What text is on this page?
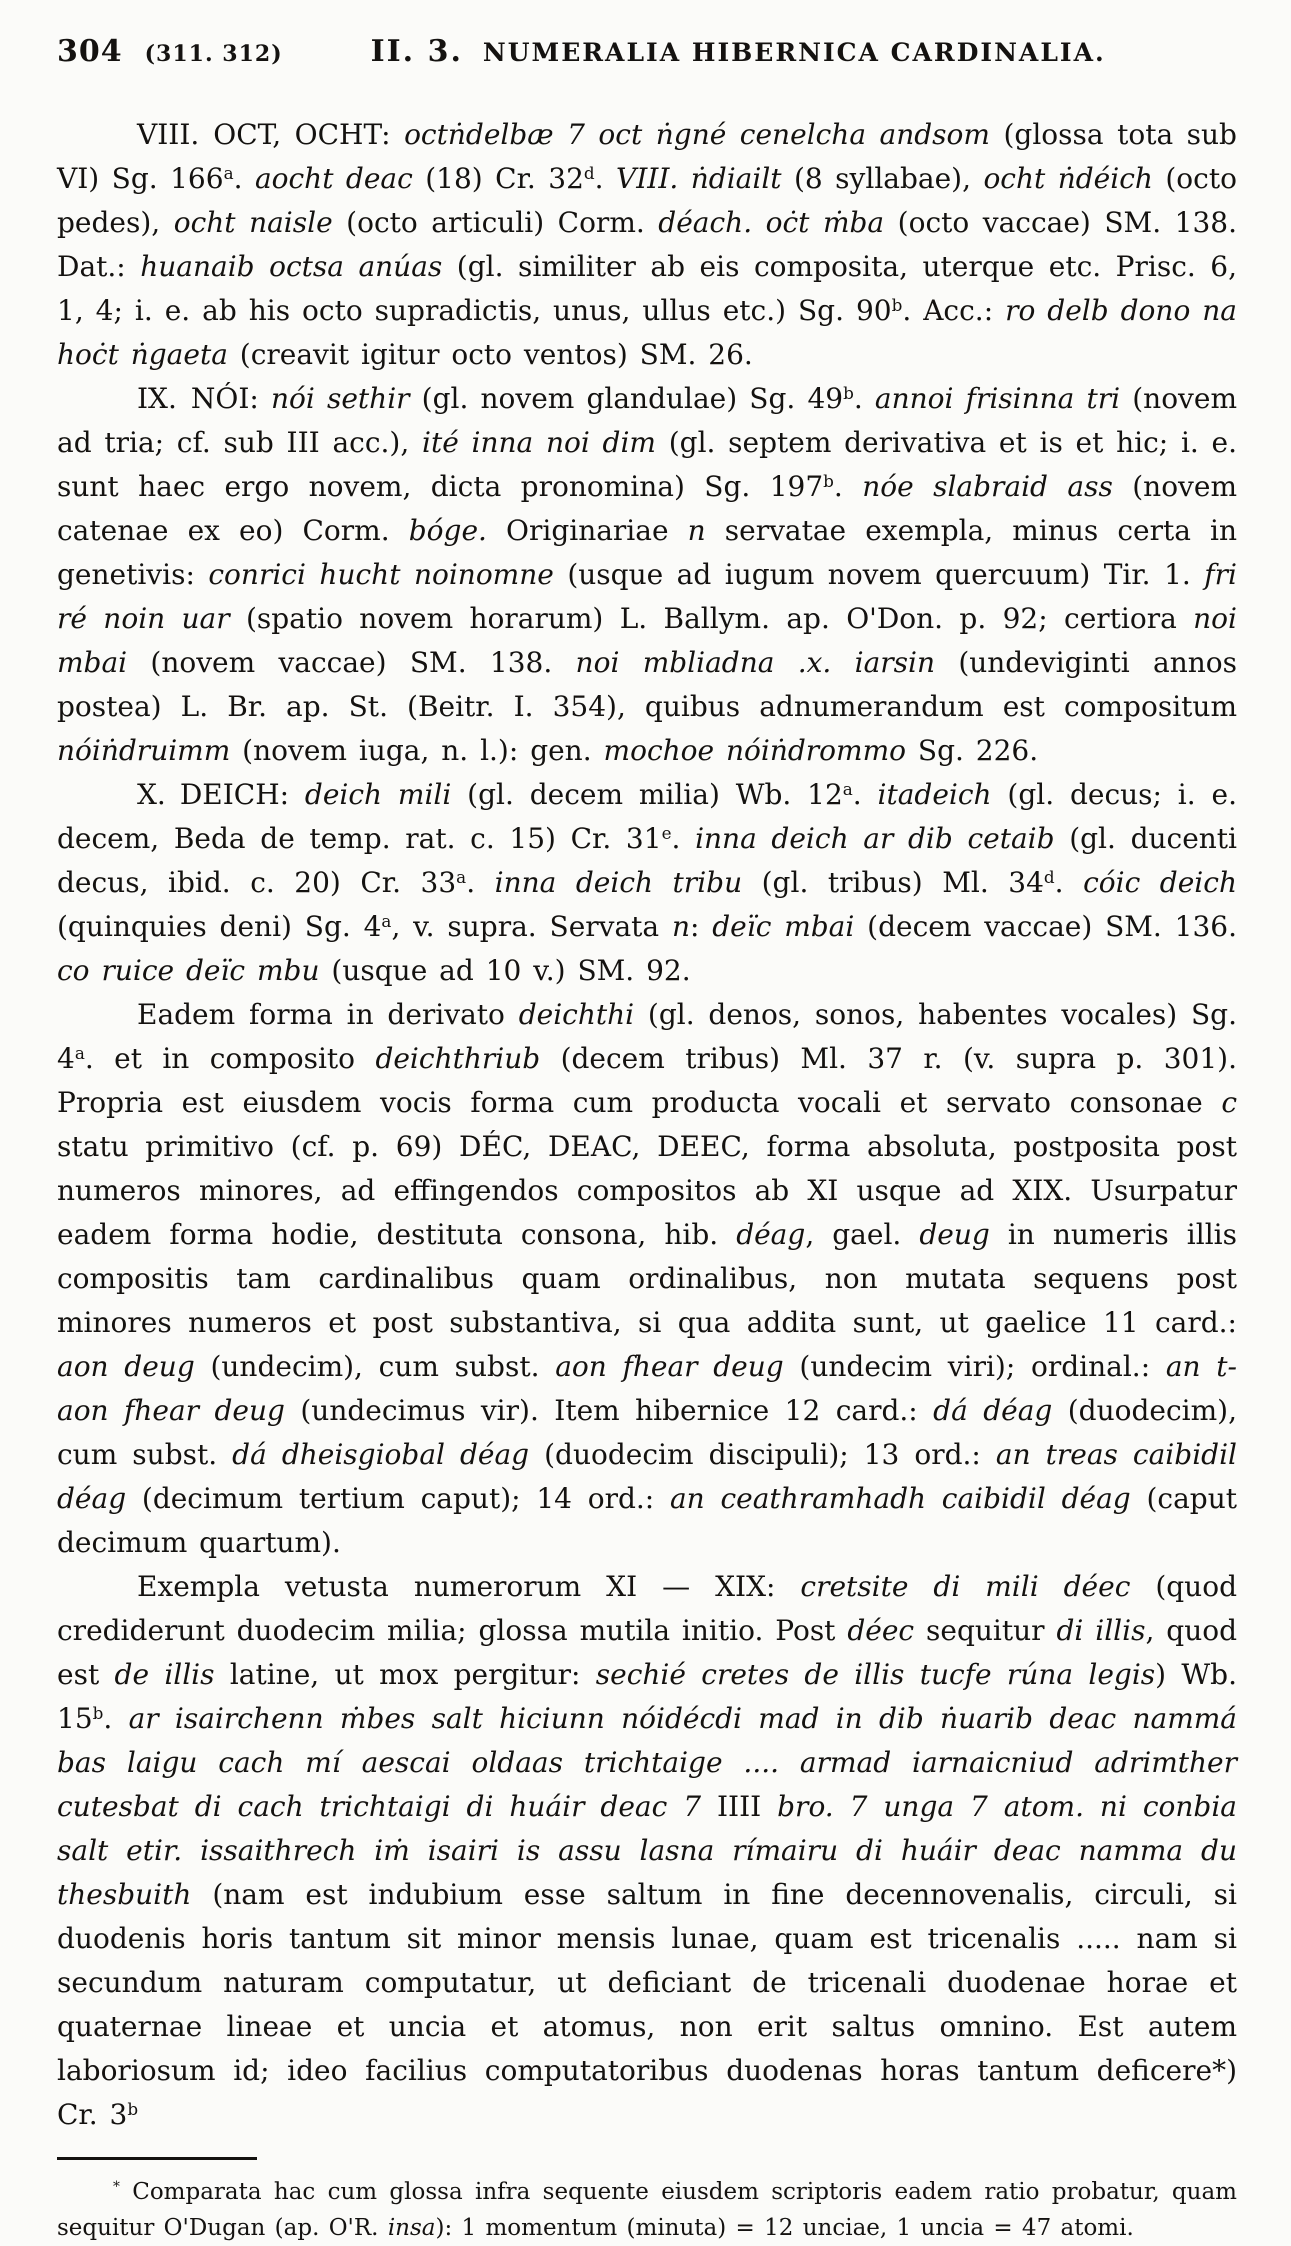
304 (311. 312)	II. 3. NUMERALIA HIBERNICA CARDINALIA.

VIII. OCT, OCHT: octṅdelbæ 7 oct ṅgné cenelcha andsom (glossa tota sub VI) Sg. 166$^a$. aocht deac (18) Cr. 32$^d$. VIII. ṅdiailt (8 syllabae), ocht ṅdéich (octo pedes), ocht naisle (octo articuli) Corm. déach. oċt ṁba (octo vaccae) SM. 138. Dat.: huanaib octsa anúas (gl. similiter ab eis composita, uterque etc. Prisc. 6, 1, 4; i. e. ab his octo supradictis, unus, ullus etc.) Sg. 90$^b$. Acc.: ro delb dono na hoċt ṅgaeta (creavit igitur octo ventos) SM. 26.

IX. NÓI: nói sethir (gl. novem glandulae) Sg. 49$^b$. annoi frisinna tri (novem ad tria; cf. sub III acc.), ité inna noi dim (gl. septem derivativa et is et hic; i. e. sunt haec ergo novem, dicta pronomina) Sg. 197$^b$. nóe slabraid ass (novem catenae ex eo) Corm. bóge. Originariae n servatae exempla, minus certa in genetivis: conrici hucht noinomne (usque ad iugum novem quercuum) Tir. 1. fri ré noin uar (spatio novem horarum) L. Ballym. ap. O'Don. p. 92; certiora noi mbai (novem vaccae) SM. 138. noi mbliadna .x. iarsin (undeviginti annos postea) L. Br. ap. St. (Beitr. I. 354), quibus adnumerandum est compositum nóiṅdruimm (novem iuga, n. l.): gen. mochoe nóiṅdrommo Sg. 226.

X. DEICH: deich mili (gl. decem milia) Wb. 12$^a$. itadeich (gl. decus; i. e. decem, Beda de temp. rat. c. 15) Cr. 31e. inna deich ar dib cetaib (gl. ducenti decus, ibid. c. 20) Cr. 33$^a$. inna deich tribu (gl. tribus) Ml. 34$^d$. cóic deich (quinquies deni) Sg. 4$^a$, v. supra. Servata n: deïc mbai (decem vaccae) SM. 136. co ruice deïc mbu (usque ad 10 v.) SM. 92.

Eadem forma in derivato deichthi (gl. denos, sonos, habentes vocales) Sg. 4$^a$. et in composito deichthriub (decem tribus) Ml. 37 r. (v. supra p. 301). Propria est eiusdem vocis forma cum producta vocali et servato consonae c statu primitivo (cf. p. 69) DÉC, DEAC, DEEC, forma absoluta, postposita post numeros minores, ad effingendos compositos ab XI usque ad XIX. Usurpatur eadem forma hodie, destituta consona, hib. déag, gael. deug in numeris illis compositis tam cardinalibus quam ordinalibus, non mutata sequens post minores numeros et post substantiva, si qua addita sunt, ut gaelice 11 card.: aon deug (undecim), cum subst. aon fhear deug (undecim viri); ordinal.: an t-aon fhear deug (undecimus vir). Item hibernice 12 card.: dá déag (duodecim), cum subst. dá dheisgiobal déag (duodecim discipuli); 13 ord.: an treas caibidil déag (decimum tertium caput); 14 ord.: an ceathramhadh caibidil déag (caput decimum quartum).

Exempla vetusta numerorum XI — XIX: cretsite di mili déec (quod crediderunt duodecim milia; glossa mutila initio. Post déec sequitur di illis, quod est de illis latine, ut mox pergitur: sechié cretes de illis tucfe rúna legis) Wb. 15$^b$. ar isairchenn ṁbes salt hiciunn nóidécdi mad in dib ṅuarib deac nammá bas laigu cach mí aescai oldaas trichtaige .... armad iarnaicniud adrimther cutesbat di cach trichtaigi di huáir deac 7 IIII bro. 7 unga 7 atom. ni conbia salt etir. issaithrech iṁ isairi is assu lasna rímairu di huáir deac namma du thesbuith (nam est indubium esse saltum in fine decennovenalis, circuli, si duodenis horis tantum sit minor mensis lunae, quam est tricenalis ..... nam si secundum naturam computatur, ut deficiant de tricenali duodenae horae et quaternae lineae et uncia et atomus, non erit saltus omnino. Est autem laboriosum id; ideo facilius computatoribus duodenas horas tantum deficere*) Cr. 3$^b$

* Comparata hac cum glossa infra sequente eiusdem scriptoris eadem ratio probatur, quam sequitur O'Dugan (ap. O'R. insa): 1 momentum (minuta) = 12 unciae, 1 uncia = 47 atomi.
